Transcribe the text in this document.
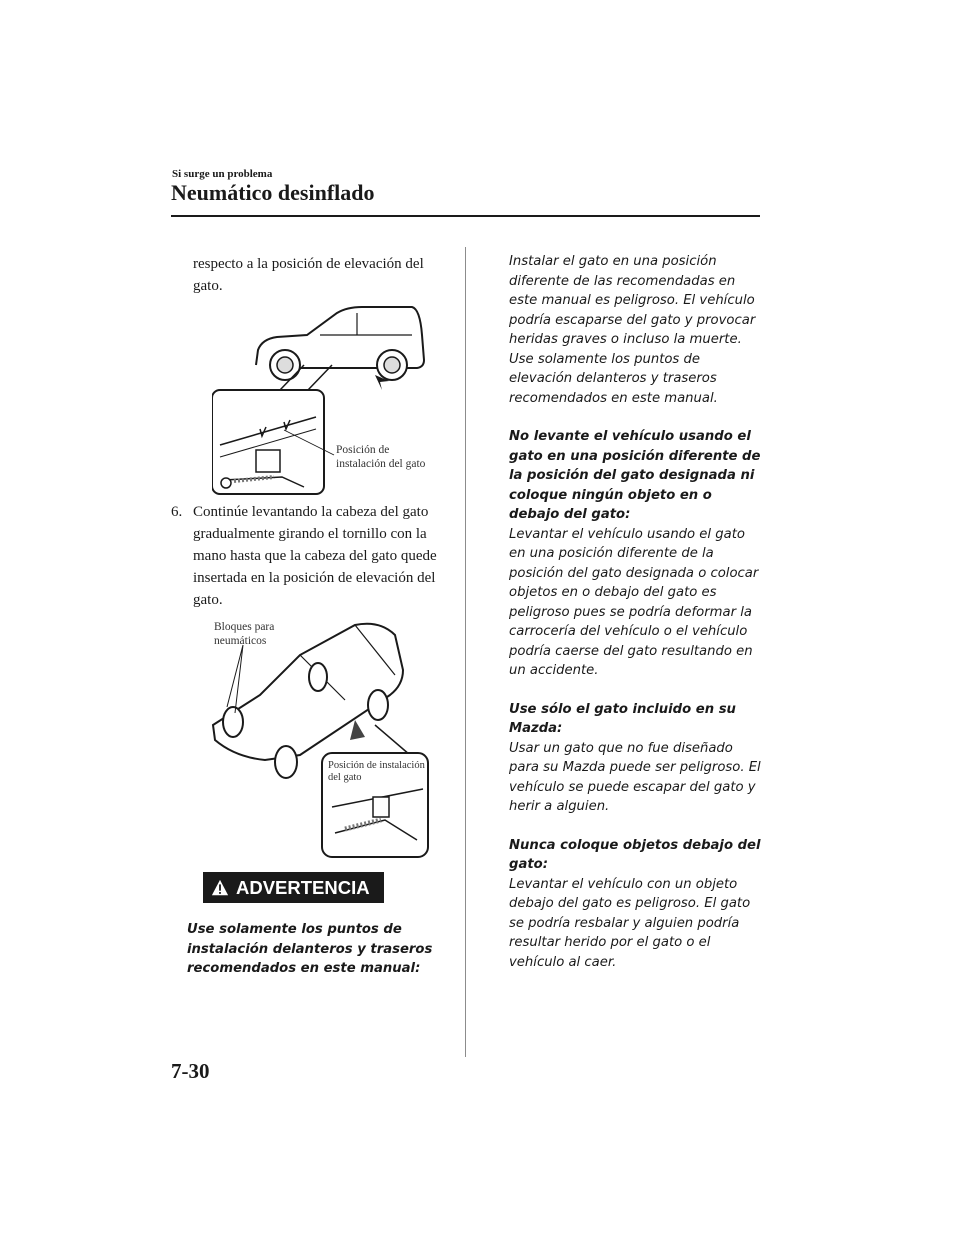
Si surge un problema
Neumático desinflado

respecto a la posición de elevación del gato.

Posición de instalación del gato
6. Continúe levantando la cabeza del gato gradualmente girando el tornillo con la mano hasta que la cabeza del gato quede insertada en la posición de elevación del gato.

Bloques para neumáticos
Posición de instalación del gato
ADVERTENCIA

Use solamente los puntos de instalación delanteros y traseros recomendados en este manual:

Instalar el gato en una posición diferente de las recomendadas en este manual es peligroso. El vehículo podría escaparse del gato y provocar heridas graves o incluso la muerte. Use solamente los puntos de elevación delanteros y traseros recomendados en este manual.

No levante el vehículo usando el gato en una posición diferente de la posición del gato designada ni coloque ningún objeto en o debajo del gato:

Levantar el vehículo usando el gato en una posición diferente de la posición del gato designada o colocar objetos en o debajo del gato es peligroso pues se podría deformar la carrocería del vehículo o el vehículo podría caerse del gato resultando en un accidente.

Use sólo el gato incluido en su Mazda:

Usar un gato que no fue diseñado para su Mazda puede ser peligroso. El vehículo se puede escapar del gato y herir a alguien.

Nunca coloque objetos debajo del gato:

Levantar el vehículo con un objeto debajo del gato es peligroso. El gato se podría resbalar y alguien podría resultar herido por el gato o el vehículo al caer.

7-30
